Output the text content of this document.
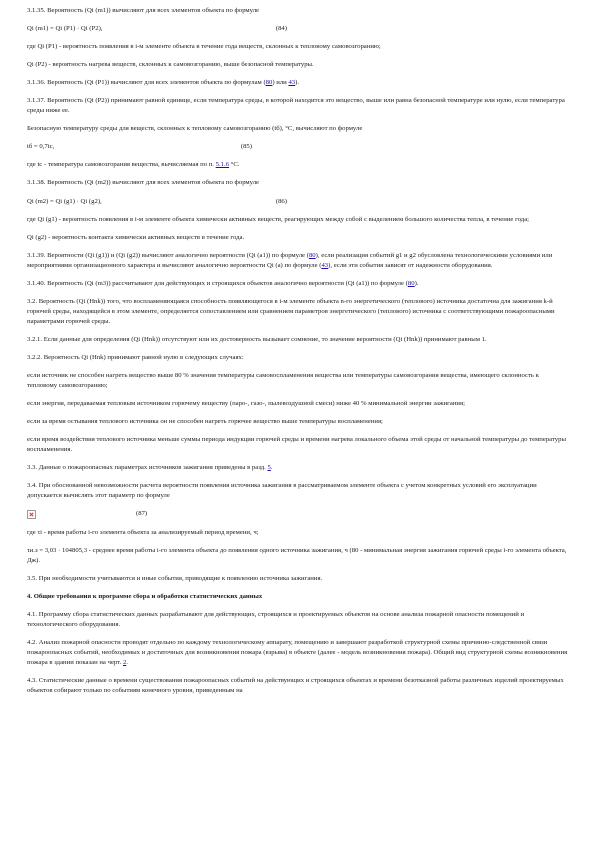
3.1.35. Вероятность (Qi (m1)) вычисляют для всех элементов объекта по формуле

Qi (m1) = Qi (P1) · Qi (P2),	(84)

где Qi (P1) - вероятность появления в i-м элементе объекта в течение года веществ, склонных к тепловому самовозгоранию;

Qi (P2) - вероятность нагрева веществ, склонных к самовозгоранию, выше безопасной температуры.

3.1.36. Вероятность (Qi (P1)) вычисляют для всех элементов объекта по формулам (80) или 43).

3.1.37. Вероятность (Qi (P2)) принимают равной единице, если температура среды, в которой находится это вещество, выше или равна безопасной температуре или нулю, если температура среды ниже ее.

Безопасную температуру среды для веществ, склонных к тепловому самовозгоранию (tб), °С, вычисляют по формуле

tб = 0,7tc,	(85)

где tc - температура самовозгорания вещества, вычисляемая по п. 5.1.6 °С.

3.1.38. Вероятность (Qi (m2)) вычисляют для всех элементов объекта по формуле

Qi (m2) = Qi (g1) · Qi (g2),	(86)

где Qi (g1) - вероятность появления в i-м элементе объекта химически активных веществ, реагирующих между собой с выделением большого количества тепла, в течение года;

Qi (g2) - вероятность контакта химически активных веществ в течение года.

3.1.39. Вероятности (Qi (g1)) и (Qi (g2)) вычисляют аналогично вероятности (Qi (a1)) по формуле (80), если реализация событий g1 и g2 обусловлена технологическими условиями или мероприятиями организационного характера и вычисляют аналогично вероятности Qi (a) по формуле (43), если эти события зависят от надежности оборудования.

3.1.40. Вероятность (Qi (m3)) рассчитывают для действующих и строящихся объектов аналогично вероятности (Qi (a1)) по формуле (80).

3.2. Вероятность (Qi (Hnk)) того, что воспламеняющаяся способность появляющегося в i-м элементе объекта n-го энергетического (теплового) источника достаточна для зажигания k-й горючей среды, находящейся в этом элементе, определяется сопоставлением или сравнением параметров энергетического (теплового) источника с соответствующими пожароопасными параметрами горючей среды.

3.2.1. Если данные для определения (Qi (Hnk)) отсутствуют или их достоверность вызывает сомнение, то значение вероятности (Qi (Hnk)) принимают равным 1.

3.2.2. Вероятность Qi (Hnk) принимают равной нулю в следующих случаях:

если источник не способен нагреть вещество выше 80 % значения температуры самовоспламенения вещества или температуры самовозгорания вещества, имеющего склонность к тепловому самовозгоранию;

если энергия, передаваемая тепловым источником горючему веществу (парo-, газо-, пылевоздушной смеси) ниже 40 % минимальной энергии зажигания;

если за время остывания теплового источника он не способен нагреть горючее вещество выше температуры воспламенения;

если время воздействия теплового источника меньше суммы периода индукции горючей среды и времени нагрева локального объема этой среды от начальной температуры до температуры воспламенения.

3.3. Данные о пожароопасных параметрах источников зажигания приведены в разд. 5.

3.4. При обоснованной невозможности расчета вероятности появления источника зажигания в рассматриваемом элементе объекта с учетом конкретных условий его эксплуатации допускается вычислять этот параметр по формуле

(87)

где τi - время работы i-го элемента объекта за анализируемый период времени, ч;

τи.з = 3,03 · 104805,3 - среднее время работы i-го элемента объекта до появления одного источника зажигания, ч (80 - минимальная энергия зажигания горючей среды i-го элемента объекта, Дж).

3.5. При необходимости учитываются и иные события, приводящие к появлению источника зажигания.

4. Общие требования к программе сбора и обработки статистических данных

4.1. Программу сбора статистических данных разрабатывают для действующих, строящихся и проектируемых объектов на основе анализа пожарной опасности помещений и технологического оборудования.

4.2. Анализ пожарной опасности проводят отдельно по каждому технологическому аппарату, помещению и завершают разработкой структурной схемы причинно-следственной связи пожароопасных событий, необходимых и достаточных для возникновения пожара (взрыва) в объекте (далее - модель возникновения пожара). Общий вид структурной схемы возникновения пожара в здании показан на черт. 2.

4.3. Статистические данные о времени существования пожароопасных событий на действующих и строящихся объектах и времени безотказной работы различных изделий проектируемых объектов собирают только по событиям конечного уровня, приведенным на
